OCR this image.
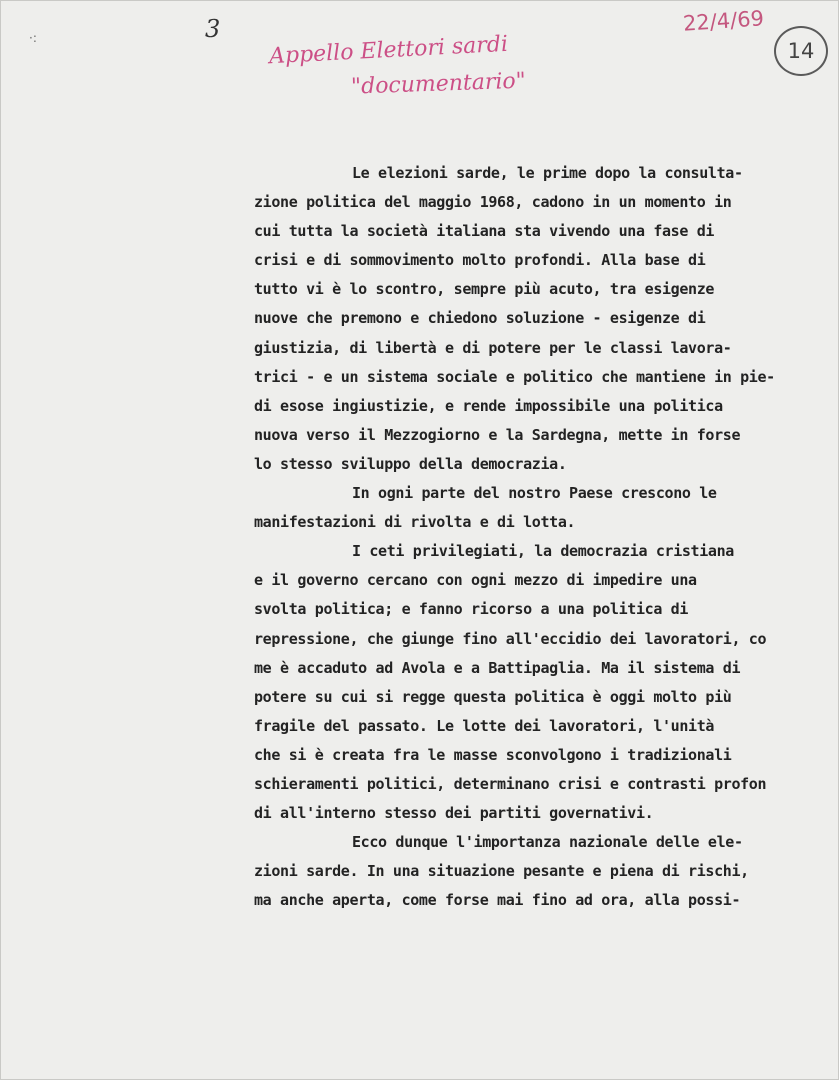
·:	3	22/4/69
14
Appello Elettori sardi
"documentario"
Le elezioni sarde, le prime dopo la consulta-
zione politica del maggio 1968, cadono in un momento in
cui tutta la società italiana sta vivendo una fase di
crisi e di sommovimento molto profondi. Alla base di
tutto vi è lo scontro, sempre più acuto, tra esigenze
nuove che premono e chiedono soluzione - esigenze di
giustizia, di libertà e di potere per le classi lavora-
trici - e un sistema sociale e politico che mantiene in pie-
di esose ingiustizie, e rende impossibile una politica
nuova verso il Mezzogiorno e la Sardegna, mette in forse
lo stesso sviluppo della democrazia.
In ogni parte del nostro Paese crescono le
manifestazioni di rivolta e di lotta.
I ceti privilegiati, la democrazia cristiana
e il governo cercano con ogni mezzo di impedire una
svolta politica; e fanno ricorso a una politica di
repressione, che giunge fino all'eccidio dei lavoratori, co
me è accaduto ad Avola e a Battipaglia. Ma il sistema di
potere su cui si regge questa politica è oggi molto più
fragile del passato. Le lotte dei lavoratori, l'unità
che si è creata fra le masse sconvolgono i tradizionali
schieramenti politici, determinano crisi e contrasti profon
di all'interno stesso dei partiti governativi.
Ecco dunque l'importanza nazionale delle ele-
zioni sarde. In una situazione pesante e piena di rischi,
ma anche aperta, come forse mai fino ad ora, alla possi-
